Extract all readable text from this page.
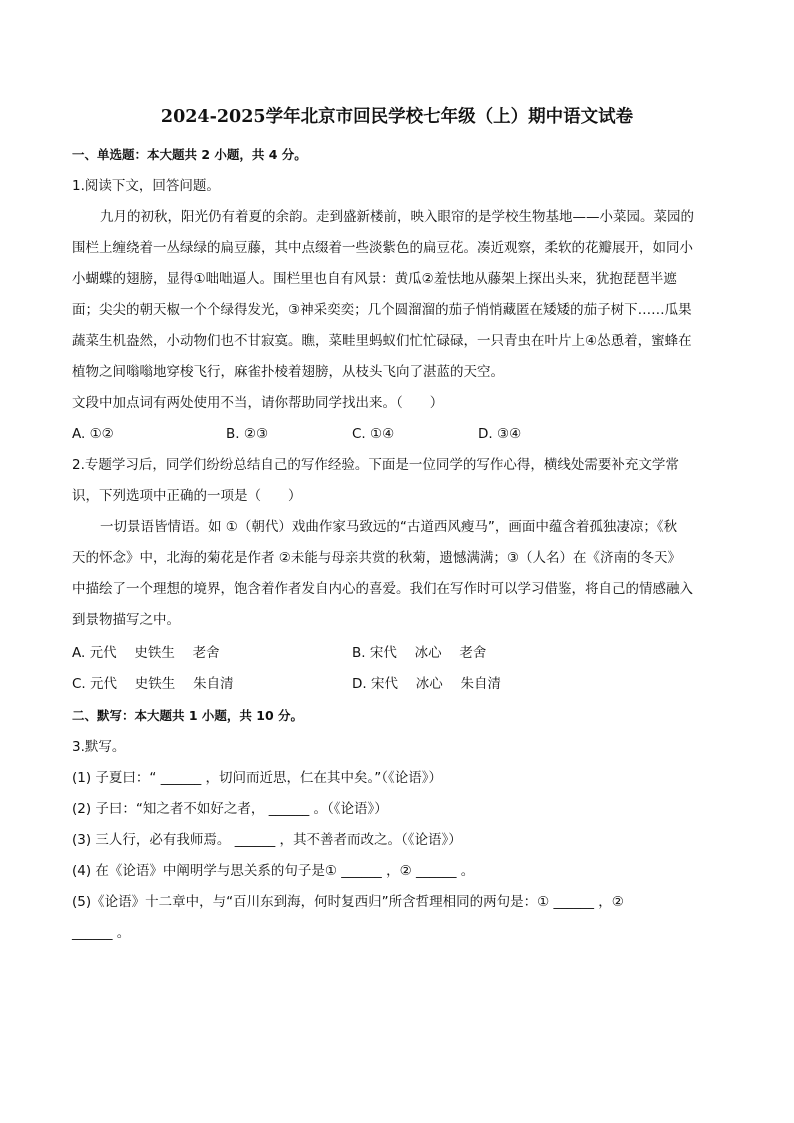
2024-2025学年北京市回民学校七年级（上）期中语文试卷
一、单选题：本大题共 2 小题，共 4 分。
1.阅读下文，回答问题。
九月的初秋，阳光仍有着夏的余韵。走到盛新楼前，映入眼帘的是学校生物基地——小菜园。菜园的
围栏上缠绕着一丛绿绿的扁豆藤，其中点缀着一些淡紫色的扁豆花。凑近观察，柔软的花瓣展开，如同小
小蝴蝶的翅膀，显得①咄咄逼人。围栏里也自有风景：黄瓜②羞怯地从藤架上探出头来，犹抱琵琶半遮
面；尖尖的朝天椒一个个绿得发光，③神采奕奕；几个圆溜溜的茄子悄悄藏匿在矮矮的茄子树下……瓜果
蔬菜生机盎然，小动物们也不甘寂寞。瞧，菜畦里蚂蚁们忙忙碌碌，一只青虫在叶片上④怂恿着，蜜蜂在
植物之间嗡嗡地穿梭飞行，麻雀扑棱着翅膀，从枝头飞向了湛蓝的天空。
文段中加点词有两处使用不当，请你帮助同学找出来。（　　）
A. ①②	B. ②③	C. ①④	D. ③④
2.专题学习后，同学们纷纷总结自己的写作经验。下面是一位同学的写作心得，横线处需要补充文学常
识，下列选项中正确的一项是（　　）
一切景语皆情语。如 ①（朝代）戏曲作家马致远的“古道西风瘦马”，画面中蕴含着孤独凄凉；《秋
天的怀念》中，北海的菊花是作者 ②未能与母亲共赏的秋菊，遗憾满满；③（人名）在《济南的冬天》
中描绘了一个理想的境界，饱含着作者发自内心的喜爱。我们在写作时可以学习借鉴，将自己的情感融入
到景物描写之中。
A. 元代　 史铁生　 老舍	B. 宋代　 冰心　 老舍
C. 元代　 史铁生　 朱自清	D. 宋代　 冰心　 朱自清
二、默写：本大题共 1 小题，共 10 分。
3.默写。
(1) 子夏曰：“ ______ ，切问而近思，仁在其中矣。”（《论语》）
(2) 子曰：“知之者不如好之者， ______ 。（《论语》）
(3) 三人行，必有我师焉。 ______ ，其不善者而改之。（《论语》）
(4) 在《论语》中阐明学与思关系的句子是① ______ ，② ______ 。
(5)《论语》十二章中，与“百川东到海，何时复西归”所含哲理相同的两句是：① ______ ，②
______ 。
